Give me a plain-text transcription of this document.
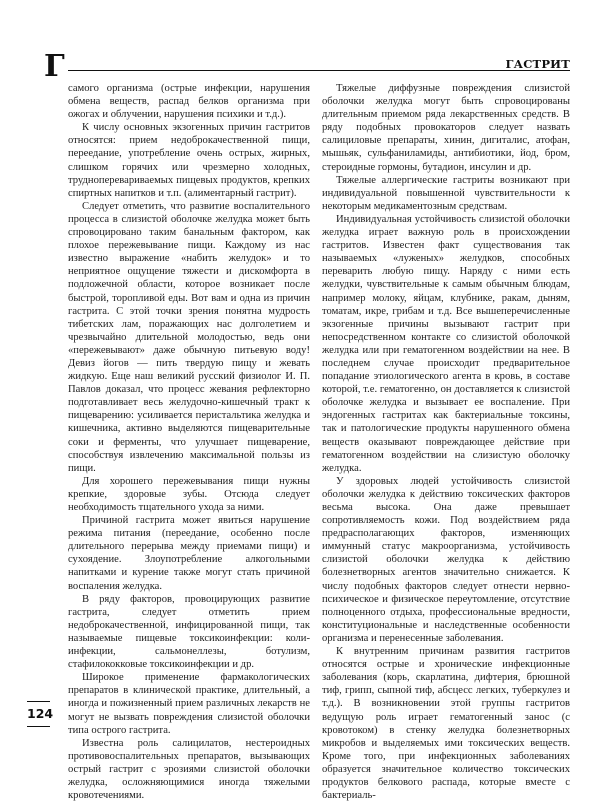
Г	ГАСТРИТ

самого организма (острые инфекции, нарушения обмена веществ, распад белков организма при ожогах и облучении, нарушения психики и т.д.).

К числу основных экзогенных причин гастритов относятся: прием недоброкачественной пищи, переедание, употребление очень острых, жирных, слишком горячих или чрезмерно холодных, трудноперевариваемых пищевых продуктов, крепких спиртных напитков и т.п. (алиментарный гастрит).

Следует отметить, что развитие воспалительного процесса в слизистой оболочке желудка может быть спровоцировано таким банальным фактором, как плохое пережевывание пищи. Каждому из нас известно выражение «набить желудок» и то неприятное ощущение тяжести и дискомфорта в подложечной области, которое возникает после быстрой, торопливой еды. Вот вам и одна из причин гастрита. С этой точки зрения понятна мудрость тибетских лам, поражающих нас долголетием и чрезвычайно длительной молодостью, ведь они «пережевывают» даже обычную питьевую воду! Девиз йогов — пить твердую пищу и жевать жидкую. Еще наш великий русский физиолог И. П. Павлов доказал, что процесс жевания рефлекторно подготавливает весь желудочно-кишечный тракт к пищеварению: усиливается перистальтика желудка и кишечника, активно выделяются пищеварительные соки и ферменты, что улучшает пищеварение, способствуя извлечению максимальной пользы из пищи.

Для хорошего пережевывания пищи нужны крепкие, здоровые зубы. Отсюда следует необходимость тщательного ухода за ними.

Причиной гастрита может явиться нарушение режима питания (переедание, особенно после длительного перерыва между приемами пищи) и сухоядение. Злоупотребление алкогольными напитками и курение также могут стать причиной воспаления желудка.

В ряду факторов, провоцирующих развитие гастрита, следует отметить прием недоброкачественной, инфицированной пищи, так называемые пищевые токсикоинфекции: коли-инфекции, сальмонеллезы, ботулизм, стафилококковые токсикоинфекции и др.

Широкое применение фармакологических препаратов в клинической практике, длительный, а иногда и пожизненный прием различных лекарств не могут не вызвать повреждения слизистой оболочки типа острого гастрита.

Известна роль салицилатов, нестероидных противовоспалительных препаратов, вызывающих острый гастрит с эрозиями слизистой оболочки желудка, осложняющимися иногда тяжелыми кровотечениями.

Тяжелые диффузные повреждения слизистой оболочки желудка могут быть спровоцированы длительным приемом ряда лекарственных средств. В ряду подобных провокаторов следует назвать салициловые препараты, хинин, дигиталис, атофан, мышьяк, сульфаниламиды, антибиотики, йод, бром, стероидные гормоны, бутадион, инсулин и др.

Тяжелые аллергические гастриты возникают при индивидуальной повышенной чувствительности к некоторым медикаментозным средствам.

Индивидуальная устойчивость слизистой оболочки желудка играет важную роль в происхождении гастритов. Известен факт существования так называемых «луженых» желудков, способных переварить любую пищу. Наряду с ними есть желудки, чувствительные к самым обычным блюдам, например молоку, яйцам, клубнике, ракам, дыням, томатам, икре, грибам и т.д. Все вышеперечисленные экзогенные причины вызывают гастрит при непосредственном контакте со слизистой оболочкой желудка или при гематогенном воздействии на нее. В последнем случае происходит предварительное попадание этиологического агента в кровь, в составе которой, т.е. гематогенно, он доставляется к слизистой оболочке желудка и вызывает ее воспаление. При эндогенных гастритах как бактериальные токсины, так и патологические продукты нарушенного обмена веществ оказывают повреждающее действие при гематогенном воздействии на слизистую оболочку желудка.

У здоровых людей устойчивость слизистой оболочки желудка к действию токсических факторов весьма высока. Она даже превышает сопротивляемость кожи. Под воздействием ряда предрасполагающих факторов, изменяющих иммунный статус макроорганизма, устойчивость слизистой оболочки желудка к действию болезнетворных агентов значительно снижается. К числу подобных факторов следует отнести нервно-психическое и физическое переутомление, отсутствие полноценного отдыха, профессиональные вредности, конституциональные и наследственные особенности организма и перенесенные заболевания.

К внутренним причинам развития гастритов относятся острые и хронические инфекционные заболевания (корь, скарлатина, дифтерия, брюшной тиф, грипп, сыпной тиф, абсцесс легких, туберкулез и т.д.). В возникновении этой группы гастритов ведущую роль играет гематогенный занос (с кровотоком) в стенку желудка болезнетворных микробов и выделяемых ими токсических веществ. Кроме того, при инфекционных заболеваниях образуется значительное количество токсических продуктов белкового распада, которые вместе с бактериаль-

124
